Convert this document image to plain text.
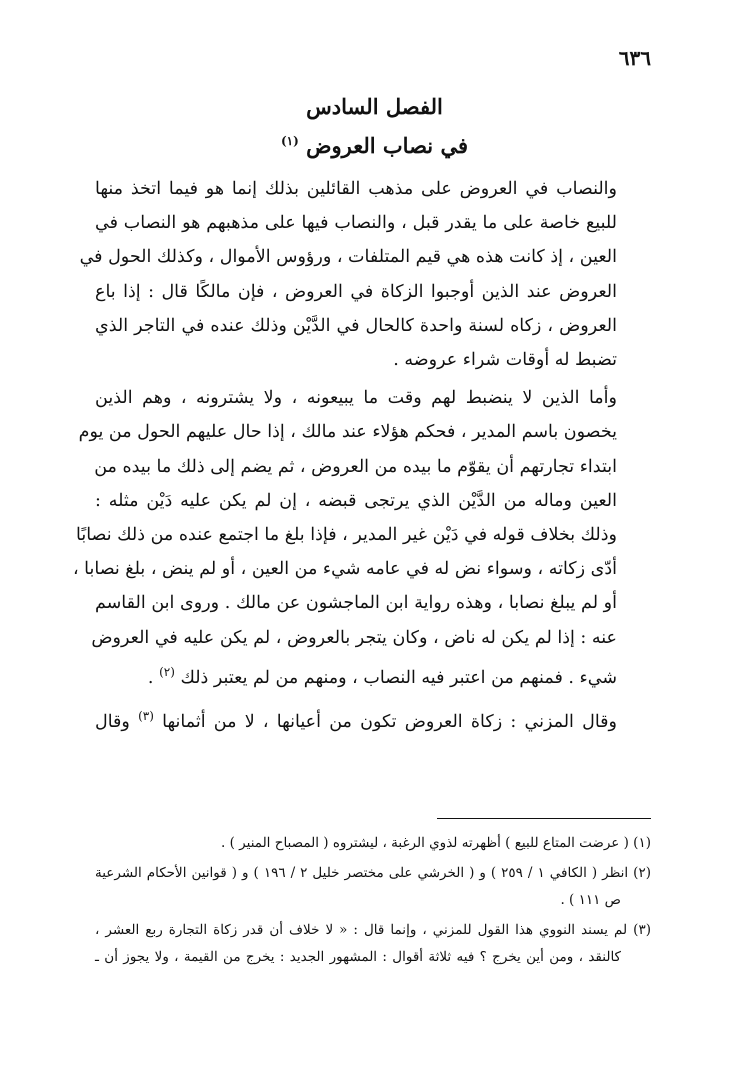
٦٣٦
الفصل السادس
في نصاب العروض $^{(١)}$

والنصاب في العروض على مذهب القائلين بذلك إنما هو فيما اتخذ منها
للبيع خاصة على ما يقدر قبل ، والنصاب فيها على مذهبهم هو النصاب في
العين ، إذ كانت هذه هي قيم المتلفات ، ورؤوس الأموال ، وكذلك الحول في
العروض عند الذين أوجبوا الزكاة في العروض ، فإن مالكًا قال : إذا باع
العروض ، زكاه لسنة واحدة كالحال في الدَّيْن وذلك عنده في التاجر الذي
تضبط له أوقات شراء عروضه .

وأما الذين لا ينضبط لهم وقت ما يبيعونه ، ولا يشترونه ، وهم الذين
يخصون باسم المدير ، فحكم هؤلاء عند مالك ، إذا حال عليهم الحول من يوم
ابتداء تجارتهم أن يقوّم ما بيده من العروض ، ثم يضم إلى ذلك ما بيده من
العين وماله من الدَّيْن الذي يرتجى قبضه ، إن لم يكن عليه دَيْن مثله :
وذلك بخلاف قوله في دَيْن غير المدير ، فإذا بلغ ما اجتمع عنده من ذلك نصابًا
أدّى زكاته ، وسواء نض له في عامه شيء من العين ، أو لم ينض ، بلغ نصابا ،
أو لم يبلغ نصابا ، وهذه رواية ابن الماجشون عن مالك . وروى ابن القاسم
عنه : إذا لم يكن له ناض ، وكان يتجر بالعروض ، لم يكن عليه في العروض
شيء . فمنهم من اعتبر فيه النصاب ، ومنهم من لم يعتبر ذلك $^{(٢)}$ .

وقال المزني : زكاة العروض تكون من أعيانها ، لا من أثمانها $^{(٣)}$ وقال

(١) ( عرضت المتاع للبيع ) أظهرته لذوي الرغبة ، ليشتروه ( المصباح المنير ) .

(٢) انظر ( الكافي ١ / ٢٥٩ ) و ( الخرشي على مختصر خليل ٢ / ١٩٦ ) و ( قوانين الأحكام الشرعية
ص ١١١ ) .

(٣) لم يسند النووي هذا القول للمزني ، وإنما قال : « لا خلاف أن قدر زكاة التجارة ربع العشر ،
كالنقد ، ومن أين يخرج ؟ فيه ثلاثة أقوال : المشهور الجديد : يخرج من القيمة ، ولا يجوز أن ـ
